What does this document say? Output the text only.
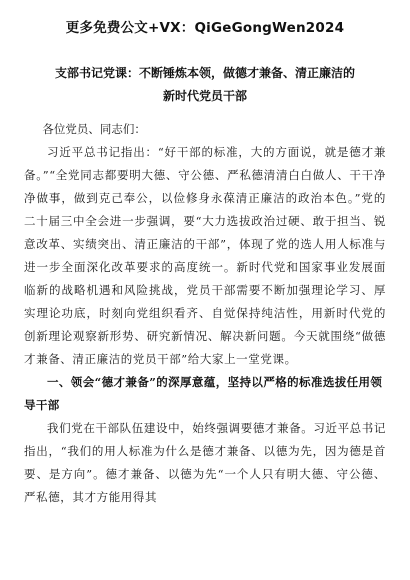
更多免费公文+VX：QiGeGongWen2024
支部书记党课：不断锤炼本领，做德才兼备、清正廉洁的
新时代党员干部
各位党员、同志们：

习近平总书记指出：“好干部的标准，大的方面说，就是德才兼备。”“全党同志都要明大德、守公德、严私德清清白白做人、干干净净做事，做到克己奉公，以俭修身永葆清正廉洁的政治本色。”党的二十届三中全会进一步强调，要“大力选拔政治过硬、敢于担当、锐意改革、实绩突出、清正廉洁的干部”，体现了党的选人用人标准与进一步全面深化改革要求的高度统一。新时代党和国家事业发展面临新的战略机遇和风险挑战，党员干部需要不断加强理论学习、厚实理论功底，时刻向党组织看齐、自觉保持纯洁性，用新时代党的创新理论观察新形势、研究新情况、解决新问题。今天就围绕“做德才兼备、清正廉洁的党员干部”给大家上一堂党课。

一、领会“德才兼备”的深厚意蕴，坚持以严格的标准选拔任用领导干部

我们党在干部队伍建设中，始终强调要德才兼备。习近平总书记指出，“我们的用人标准为什么是德才兼备、以德为先，因为德是首要、是方向”。德才兼备、以德为先“一个人只有明大德、守公德、严私德，其才方能用得其
